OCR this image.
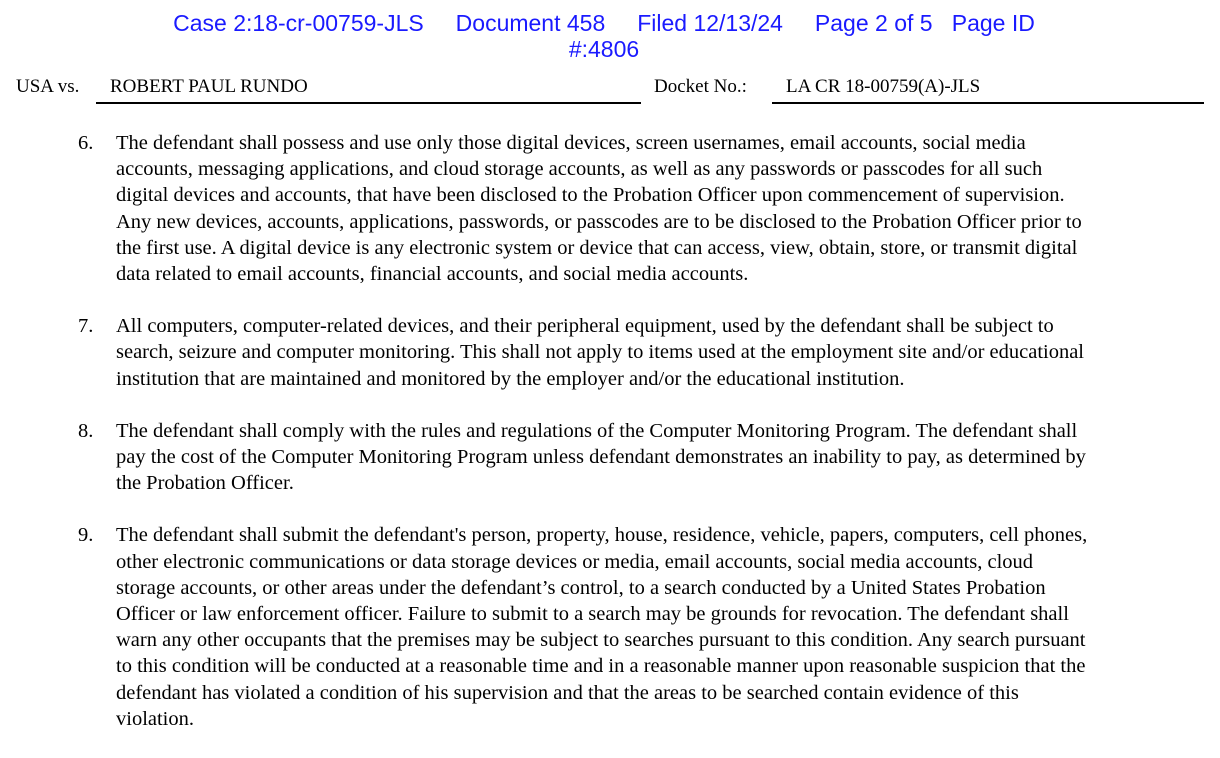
Case 2:18-cr-00759-JLS     Document 458     Filed 12/13/24     Page 2 of 5   Page ID
#:4806
USA vs. ROBERT PAUL RUNDO	Docket No.: LA CR 18-00759(A)-JLS
6. The defendant shall possess and use only those digital devices, screen usernames, email accounts, social media
accounts, messaging applications, and cloud storage accounts, as well as any passwords or passcodes for all such
digital devices and accounts, that have been disclosed to the Probation Officer upon commencement of supervision.
Any new devices, accounts, applications, passwords, or passcodes are to be disclosed to the Probation Officer prior to
the first use. A digital device is any electronic system or device that can access, view, obtain, store, or transmit digital
data related to email accounts, financial accounts, and social media accounts.
7. All computers, computer-related devices, and their peripheral equipment, used by the defendant shall be subject to
search, seizure and computer monitoring. This shall not apply to items used at the employment site and/or educational
institution that are maintained and monitored by the employer and/or the educational institution.
8. The defendant shall comply with the rules and regulations of the Computer Monitoring Program. The defendant shall
pay the cost of the Computer Monitoring Program unless defendant demonstrates an inability to pay, as determined by
the Probation Officer.
9. The defendant shall submit the defendant's person, property, house, residence, vehicle, papers, computers, cell phones,
other electronic communications or data storage devices or media, email accounts, social media accounts, cloud
storage accounts, or other areas under the defendant’s control, to a search conducted by a United States Probation
Officer or law enforcement officer. Failure to submit to a search may be grounds for revocation. The defendant shall
warn any other occupants that the premises may be subject to searches pursuant to this condition. Any search pursuant
to this condition will be conducted at a reasonable time and in a reasonable manner upon reasonable suspicion that the
defendant has violated a condition of his supervision and that the areas to be searched contain evidence of this
violation.
